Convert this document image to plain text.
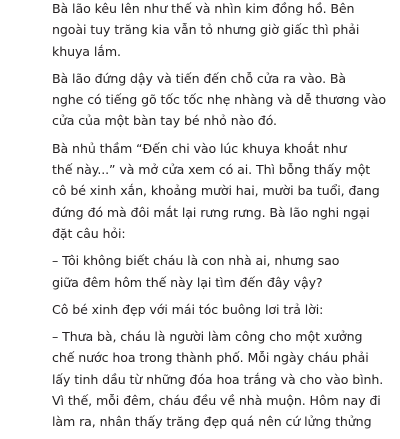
Bà lão kêu lên như thế và nhìn kim đồng hồ. Bên
ngoài tuy trăng kia vẫn tỏ nhưng giờ giấc thì phải
khuya lắm.

Bà lão đứng dậy và tiến đến chỗ cửa ra vào. Bà
nghe có tiếng gõ tốc tốc nhẹ nhàng và dễ thương vào
cửa của một bàn tay bé nhỏ nào đó.

Bà nhủ thầm “Đến chi vào lúc khuya khoắt như
thế này...” và mở cửa xem có ai. Thì bỗng thấy một
cô bé xinh xắn, khoảng mười hai, mười ba tuổi, đang
đứng đó mà đôi mắt lại rưng rưng. Bà lão nghi ngại
đặt câu hỏi:

– Tôi không biết cháu là con nhà ai, nhưng sao
giữa đêm hôm thế này lại tìm đến đây vậy?

Cô bé xinh đẹp với mái tóc buông lơi trả lời:

– Thưa bà, cháu là người làm công cho một xưởng
chế nước hoa trong thành phố. Mỗi ngày cháu phải
lấy tinh dầu từ những đóa hoa trắng và cho vào bình.
Vì thế, mỗi đêm, cháu đều về nhà muộn. Hôm nay đi
làm ra, nhân thấy trăng đẹp quá nên cứ lửng thửng
